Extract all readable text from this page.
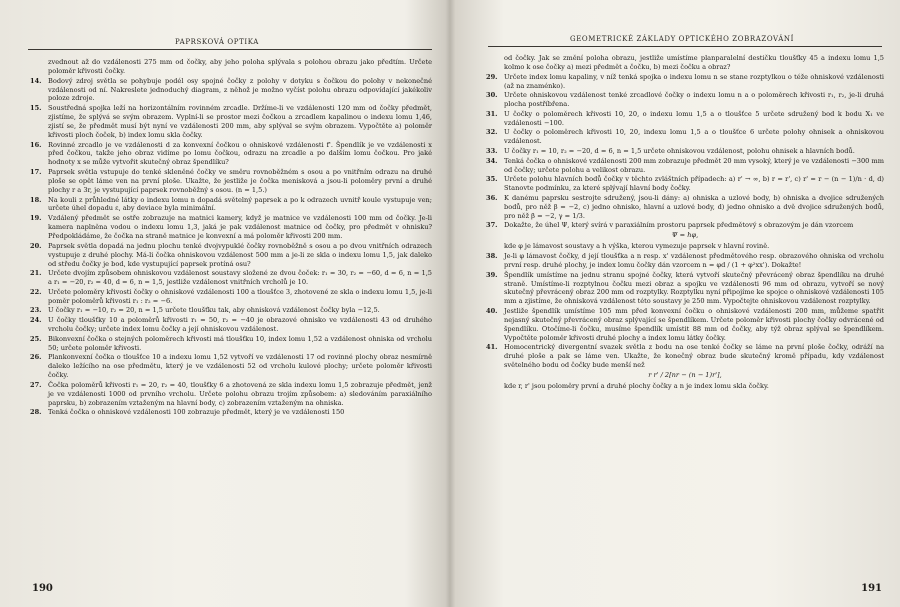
PAPRSKOVÁ OPTIKA
zvednout až do vzdálenosti 275 mm od čočky, aby jeho poloha splývala s polohou obrazu jako předtím. Určete poloměr křivosti čočky.
14. Bodový zdroj světla se pohybuje podél osy spojné čočky z polohy v dotyku s čočkou do polohy v nekonečné vzdálenosti od ní. Nakreslete jednoduchý diagram, z něhož je možno vyčíst polohu obrazu odpovídající jakékoliv poloze zdroje.
15. Soustředná spojka leží na horizontálním rovinném zrcadle. Držíme-li ve vzdálenosti 120 mm od čočky předmět, zjistíme, že splývá se svým obrazem. Vyplní-li se prostor mezi čočkou a zrcadlem kapalinou o indexu lomu 1,46, zjistí se, že předmět musí být nyní ve vzdálenosti 200 mm, aby splýval se svým obrazem. Vypočtěte a) poloměr křivosti ploch čoček, b) index lomu skla čočky.
16. Rovinné zrcadlo je ve vzdálenosti d za konvexní čočkou o ohniskové vzdálenosti f'. Špendlík je ve vzdálenosti x před čočkou, takže jeho obraz vidíme po lomu čočkou, odrazu na zrcadle a po dalším lomu čočkou. Pro jaké hodnoty x se může vytvořit skutečný obraz špendlíku?
17. Paprsek světla vstupuje do tenké skleněné čočky ve směru rovnoběžném s osou a po vnitřním odrazu na druhé ploše se opět láme ven na první ploše. Ukažte, že jestliže je čočka menisková a jsou-li poloměry první a druhé plochy r a 3r, je vystupující paprsek rovnoběžný s osou. (n = 1,5.)
18. Na kouli z průhledné látky o indexu lomu n dopadá světelný paprsek a po k odrazech uvnitř koule vystupuje ven; určete úhel dopadu ε, aby deviace byla minimální.
19. Vzdálený předmět se ostře zobrazuje na matnici kamery, když je matnice ve vzdálenosti 100 mm od čočky. Je-li kamera naplněna vodou o indexu lomu 1,3, jaká je pak vzdálenost matnice od čočky, pro předmět v ohnisku? Předpokládáme, že čočka na straně matnice je konvexní a má poloměr křivosti 200 mm.
20. Paprsek světla dopadá na jednu plochu tenké dvojvypuklé čočky rovnoběžně s osou a po dvou vnitřních odrazech vystupuje z druhé plochy. Má-li čočka ohniskovou vzdálenost 500 mm a je-li ze skla o indexu lomu 1,5, jak daleko od středu čočky je bod, kde vystupující paprsek protíná osu?
21. Určete dvojím způsobem ohniskovou vzdálenost soustavy složené ze dvou čoček: r₁ = 30, r₂ = −60, d = 6, n = 1,5 a r₁ = −20, r₂ = 40, d = 6, n = 1,5, jestliže vzdálenost vnitřních vrcholů je 10.
22. Určete poloměry křivosti čočky o ohniskové vzdálenosti 100 a tloušťce 3, zhotovené ze skla o indexu lomu 1,5, je-li poměr poloměrů křivosti r₁ : r₂ = −6.
23. U čočky r₁ = −10, r₂ = 20, n = 1,5 určete tloušťku tak, aby ohnisková vzdálenost čočky byla −12,5.
24. U čočky tloušťky 10 a poloměrů křivosti r₁ = 50, r₂ = −40 je obrazové ohnisko ve vzdálenosti 43 od druhého vrcholu čočky; určete index lomu čočky a její ohniskovou vzdálenost.
25. Bikonvexní čočka o stejných poloměrech křivosti má tloušťku 10, index lomu 1,52 a vzdálenost ohniska od vrcholu 50; určete poloměr křivosti.
26. Plankonvexní čočka o tloušťce 10 a indexu lomu 1,52 vytvoří ve vzdálenosti 17 od rovinné plochy obraz nesmírně daleko ležícího na ose předmětu, který je ve vzdálenosti 52 od vrcholu kulové plochy; určete poloměr křivosti čočky.
27. Čočka poloměrů křivosti r₁ = 20, r₂ = 40, tloušťky 6 a zhotovená ze skla indexu lomu 1,5 zobrazuje předmět, jenž je ve vzdálenosti 1000 od prvního vrcholu. Určete polohu obrazu trojím způsobem: a) sledováním paraxiálního paprsku, b) zobrazením vztaženým na hlavní body, c) zobrazením vztaženým na ohniska.
28. Tenká čočka o ohniskové vzdálenosti 100 zobrazuje předmět, který je ve vzdálenosti 150
190
GEOMETRICKÉ ZÁKLADY OPTICKÉHO ZOBRAZOVÁNÍ
od čočky. Jak se změní poloha obrazu, jestliže umístíme planparalelní destičku tloušťky 45 a indexu lomu 1,5 kolmo k ose čočky a) mezi předmět a čočku, b) mezi čočku a obraz?
29. Určete index lomu kapaliny, v níž tenká spojka o indexu lomu n se stane rozptylkou o téže ohniskové vzdálenosti (až na znaménko).
30. Určete ohniskovou vzdálenost tenké zrcadlové čočky o indexu lomu n a o poloměrech křivosti r₁, r₂, je-li druhá plocha postříbřena.
31. U čočky o poloměrech křivosti 10, 20, o indexu lomu 1,5 a o tloušťce 5 určete sdružený bod k bodu X₁ ve vzdálenosti −100.
32. U čočky o poloměrech křivosti 10, 20, indexu lomu 1,5 a o tloušťce 6 určete polohy ohnisek a ohniskovou vzdálenost.
33. U čočky r₁ = 10, r₂ = −20, d = 6, n = 1,5 určete ohniskovou vzdálenost, polohu ohnisek a hlavních bodů.
34. Tenká čočka o ohniskové vzdálenosti 200 mm zobrazuje předmět 20 mm vysoký, který je ve vzdálenosti −300 mm od čočky; určete polohu a velikost obrazu.
35. Určete polohu hlavních bodů čočky v těchto zvláštních případech: a) r' → ∞, b) r = r', c) r' = r − (n − 1)/n · d, d) Stanovte podmínku, za které splývají hlavní body čočky.
36. K danému paprsku sestrojte sdružený, jsou-li dány: a) ohniska a uzlové body, b) ohniska a dvojice sdružených bodů, pro něž β = −2, c) jedno ohnisko, hlavní a uzlové body, d) jedno ohnisko a dvě dvojice sdružených bodů, pro něž β = −2, γ = 1/3.
37. Dokažte, že úhel Ψ, který svírá v paraxiálním prostoru paprsek předmětový s obrazovým je dán vzorcem
Ψ = hφ,
kde φ je lámavost soustavy a h výška, kterou vymezuje paprsek v hlavní rovině.
38. Je-li φ lámavost čočky, d její tloušťka a n resp. x' vzdálenost předmětového resp. obrazového ohniska od vrcholu první resp. druhé plochy, je index lomu čočky dán vzorcem n = φd / (1 + φ²xx'). Dokažte!
39. Špendlík umístíme na jednu stranu spojné čočky, která vytvoří skutečný převrácený obraz špendlíku na druhé straně. Umístíme-li rozptylnou čočku mezi obraz a spojku ve vzdálenosti 96 mm od obrazu, vytvoří se nový skutečný převrácený obraz 200 mm od rozptylky. Rozptylku nyní připojíme ke spojce o ohniskové vzdálenosti 105 mm a zjistíme, že ohnisková vzdálenost této soustavy je 250 mm. Vypočtejte ohniskovou vzdálenost rozptylky.
40. Jestliže špendlík umístíme 105 mm před konvexní čočku o ohniskové vzdálenosti 200 mm, můžeme spatřit nejasný skutečný převrácený obraz splývající se špendlíkem. Určete poloměr křivosti plochy čočky odvrácené od špendlíku. Otočíme-li čočku, musíme špendlík umístit 88 mm od čočky, aby týž obraz splýval se špendlíkem. Vypočtěte poloměr křivosti druhé plochy a index lomu látky čočky.
41. Homocentrický divergentní svazek světla z bodu na ose tenké čočky se láme na první ploše čočky, odráží na druhé ploše a pak se láme ven. Ukažte, že konečný obraz bude skutečný kromě případu, kdy vzdálenost světelného bodu od čočky bude menší než
r r' / 2[nr − (n − 1)r'],
kde r, r' jsou poloměry první a druhé plochy čočky a n je index lomu skla čočky.
191
